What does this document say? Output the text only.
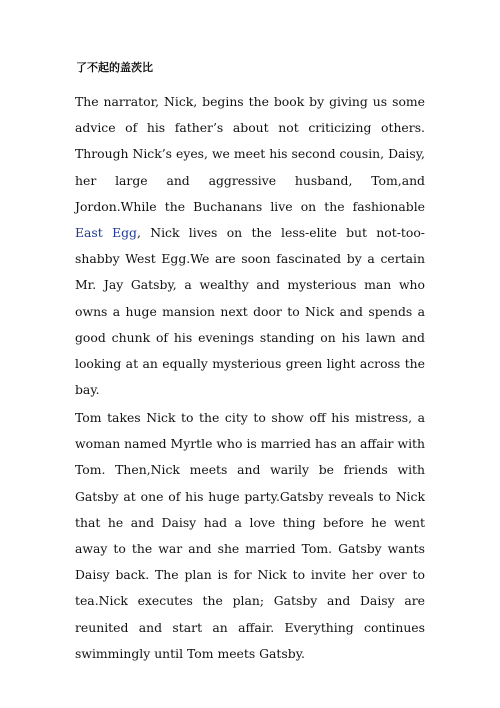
了不起的盖茨比

The narrator, Nick, begins the book by giving us some advice of his father’s about not criticizing others. Through Nick’s eyes, we meet his second cousin, Daisy, her large and aggressive husband, Tom,and Jordon.While the Buchanans live on the fashionable East Egg, Nick lives on the less-elite but not-too-shabby West Egg.We are soon fascinated by a certain Mr. Jay Gatsby, a wealthy and mysterious man who owns a huge mansion next door to Nick and spends a good chunk of his evenings standing on his lawn and looking at an equally mysterious green light across the bay.

Tom takes Nick to the city to show off his mistress, a woman named Myrtle who is married has an affair with Tom. Then,Nick meets and warily be friends with Gatsby at one of his huge party.Gatsby reveals to Nick that he and Daisy had a love thing before he went away to the war and she married Tom. Gatsby wants Daisy back. The plan is for Nick to invite her over to tea.Nick executes the plan; Gatsby and Daisy are reunited and start an affair. Everything continues swimmingly until Tom meets Gatsby.
